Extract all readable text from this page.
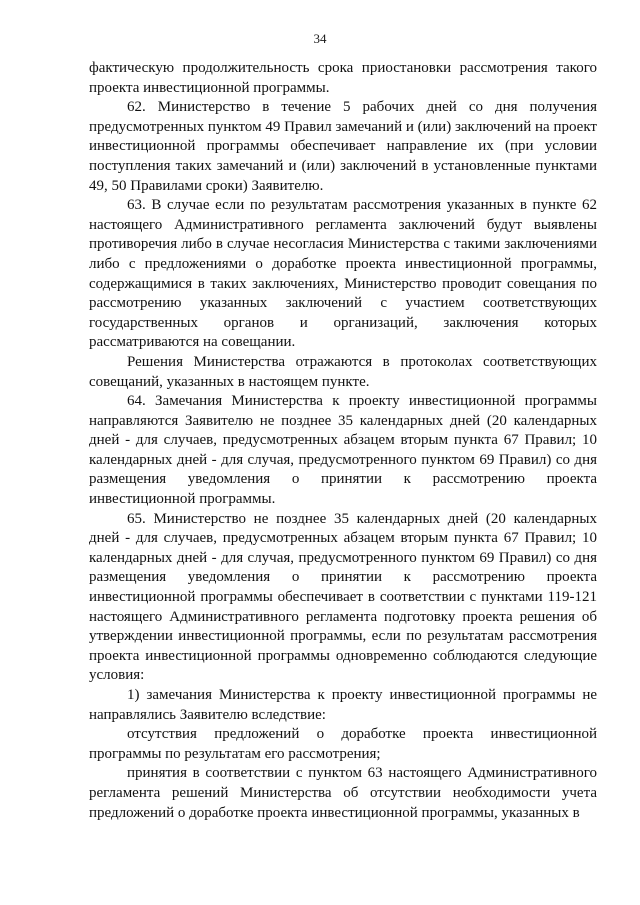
34

фактическую продолжительность срока приостановки рассмотрения такого проекта инвестиционной программы.

62. Министерство в течение 5 рабочих дней со дня получения предусмотренных пунктом 49 Правил замечаний и (или) заключений на проект инвестиционной программы обеспечивает направление их (при условии поступления таких замечаний и (или) заключений в установленные пунктами 49, 50 Правилами сроки) Заявителю.

63. В случае если по результатам рассмотрения указанных в пункте 62 настоящего Административного регламента заключений будут выявлены противоречия либо в случае несогласия Министерства с такими заключениями либо с предложениями о доработке проекта инвестиционной программы, содержащимися в таких заключениях, Министерство проводит совещания по рассмотрению указанных заключений с участием соответствующих государственных органов и организаций, заключения которых рассматриваются на совещании.

Решения Министерства отражаются в протоколах соответствующих совещаний, указанных в настоящем пункте.

64. Замечания Министерства к проекту инвестиционной программы направляются Заявителю не позднее 35 календарных дней (20 календарных дней - для случаев, предусмотренных абзацем вторым пункта 67 Правил; 10 календарных дней - для случая, предусмотренного пунктом 69 Правил) со дня размещения уведомления о принятии к рассмотрению проекта инвестиционной программы.

65. Министерство не позднее 35 календарных дней (20 календарных дней - для случаев, предусмотренных абзацем вторым пункта 67 Правил; 10 календарных дней - для случая, предусмотренного пунктом 69 Правил) со дня размещения уведомления о принятии к рассмотрению проекта инвестиционной программы обеспечивает в соответствии с пунктами 119-121 настоящего Административного регламента подготовку проекта решения об утверждении инвестиционной программы, если по результатам рассмотрения проекта инвестиционной программы одновременно соблюдаются следующие условия:

1) замечания Министерства к проекту инвестиционной программы не направлялись Заявителю вследствие:

отсутствия предложений о доработке проекта инвестиционной программы по результатам его рассмотрения;

принятия в соответствии с пунктом 63 настоящего Административного регламента решений Министерства об отсутствии необходимости учета предложений о доработке проекта инвестиционной программы, указанных в
